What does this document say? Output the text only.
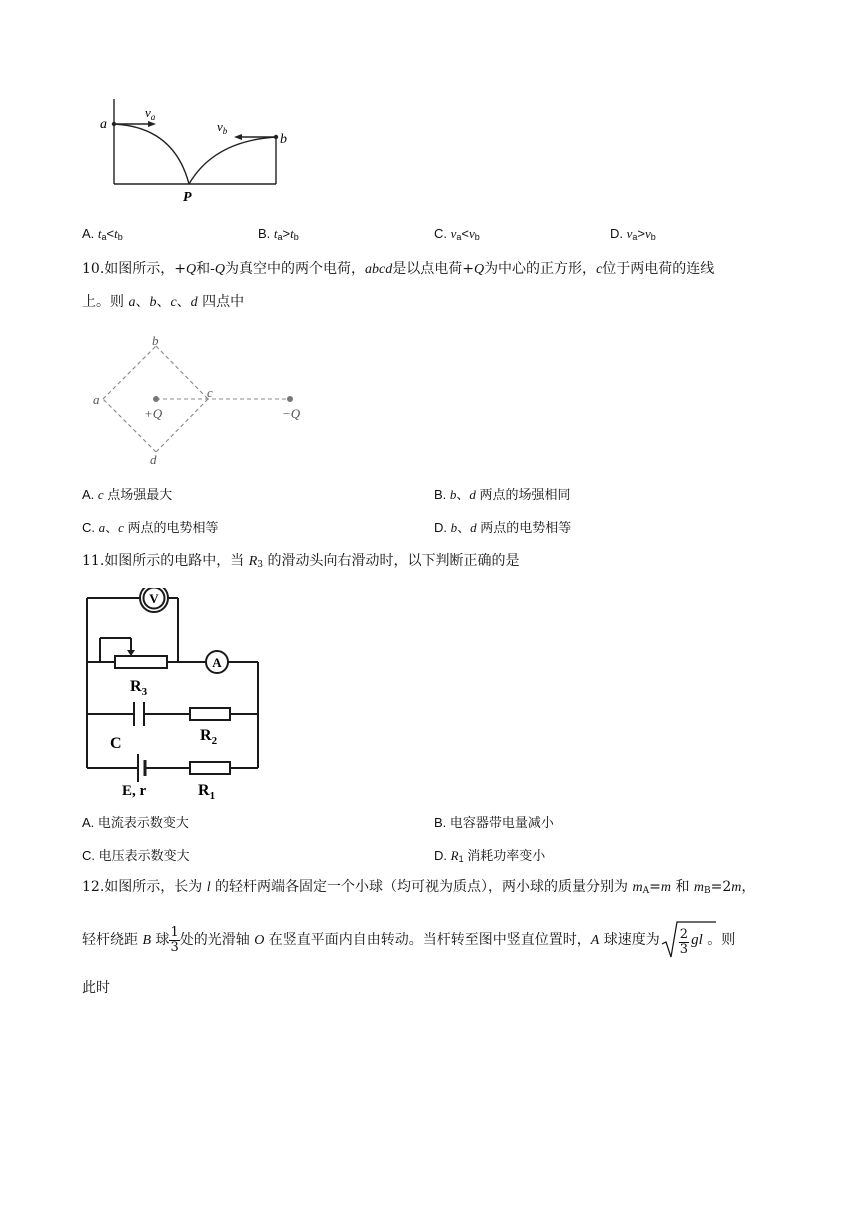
a
b
$v_a$
$v_b$
P
A. $t_a<t_b$	B. $t_a>t_b$	C. $v_a<v_b$	D. $v_a>v_b$
10.如图所示，+Q和-Q为真空中的两个电荷，abcd是以点电荷+Q为中心的正方形，c位于两电荷的连线
上。则 a、b、c、d 四点中
a
b
c
d
+Q	−Q
A. c 点场强最大	B. b、d 两点的场强相同
C. a、c 两点的电势相等	D. b、d 两点的电势相等
11.如图所示的电路中，当 $R_3$ 的滑动头向右滑动时，以下判断正确的是
V
A
$R_3$
$R_2$
C
$R_1$
E, r
A. 电流表示数变大	B. 电容器带电量减小
C. 电压表示数变大	D. $R_1$ 消耗功率变小
12.如图所示，长为 l 的轻杆两端各固定一个小球（均可视为质点），两小球的质量分别为 $m_A=m$ 和 $m_B=2m$，
轻杆绕距 B 球 $\frac{1}{3}$ 处的光滑轴 O 在竖直平面内自由转动。当杆转至图中竖直位置时，A 球速度为 $\frac{2}{3}$ gl 。则
此时
